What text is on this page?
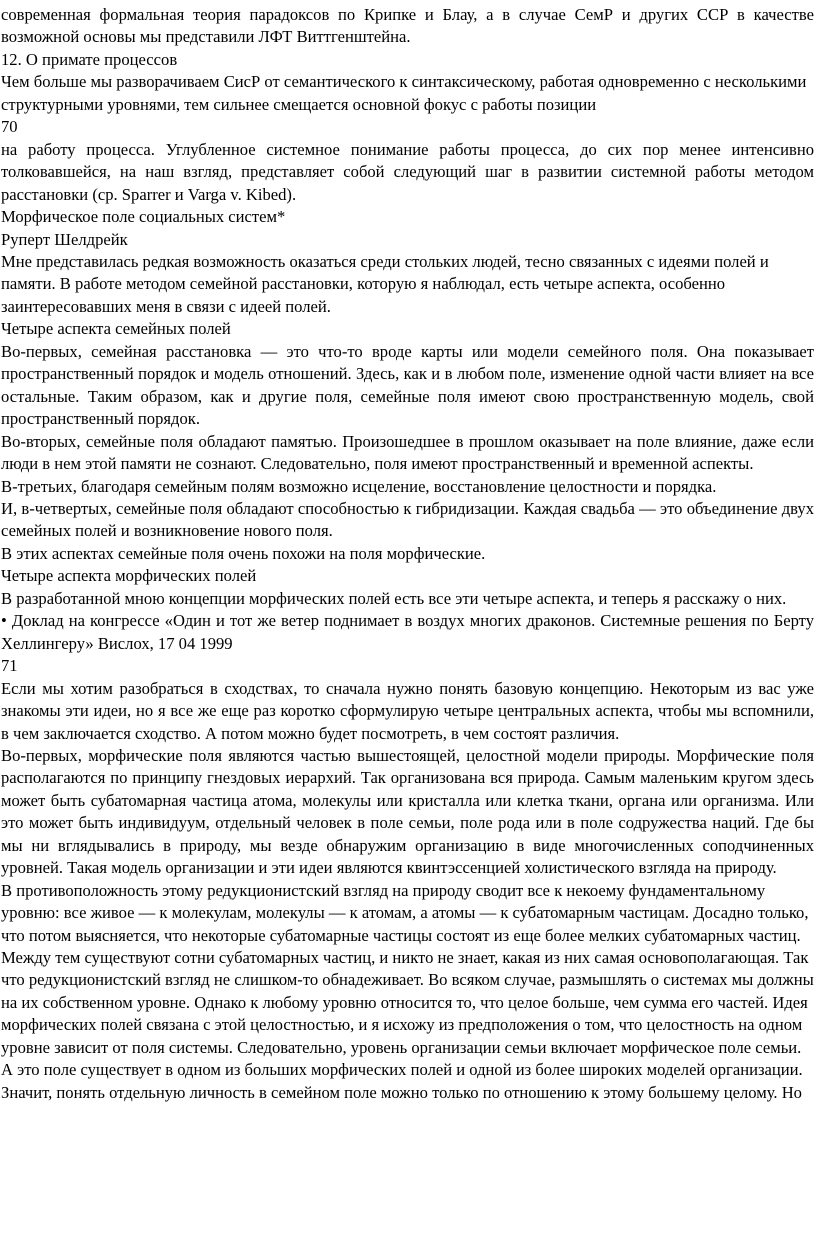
современная формальная теория парадоксов по Крипке и Блау, а в случае СемР и других ССР в качестве возможной основы мы представили ЛФТ Виттгенштейна.

12. О примате процессов

Чем больше мы разворачиваем СисР от семантического к синтаксическому, работая одновременно с несколькими структурными уровнями, тем сильнее смещается основной фокус с работы позиции

70

на работу процесса. Углубленное системное понимание работы процесса, до сих пор менее интенсивно толковавшейся, на наш взгляд, представляет собой следующий шаг в развитии системной работы методом расстановки (ср. Sparrer и Varga v. Kibed).

Морфическое поле социальных систем*

Руперт Шелдрейк

Мне представилась редкая возможность оказаться среди стольких людей, тесно связанных с идеями полей и памяти. В работе методом семейной расстановки, которую я наблюдал, есть четыре аспекта, особенно заинтересовавших меня в связи с идеей полей.

Четыре аспекта семейных полей

Во-первых, семейная расстановка — это что-то вроде карты или модели семейного поля. Она показывает пространственный порядок и модель отношений. Здесь, как и в любом поле, изменение одной части влияет на все остальные. Таким образом, как и другие поля, семейные поля имеют свою пространственную модель, свой пространственный порядок.

Во-вторых, семейные поля обладают памятью. Произошедшее в прошлом оказывает на поле влияние, даже если люди в нем этой памяти не сознают. Следовательно, поля имеют пространственный и временной аспекты.

В-третьих, благодаря семейным полям возможно исцеление, восстановление целостности и порядка.

И, в-четвертых, семейные поля обладают способностью к гибридизации. Каждая свадьба — это объединение двух семейных полей и возникновение нового поля.

В этих аспектах семейные поля очень похожи на поля морфические.

Четыре аспекта морфических полей

В разработанной мною концепции морфических полей есть все эти четыре аспекта, и теперь я расскажу о них.

• Доклад на конгрессе «Один и тот же ветер поднимает в воздух многих драконов. Системные решения по Берту Хеллингеру» Вислох, 17 04 1999

71

Если мы хотим разобраться в сходствах, то сначала нужно понять базовую концепцию. Некоторым из вас уже знакомы эти идеи, но я все же еще раз коротко сформулирую четыре центральных аспекта, чтобы мы вспомнили, в чем заключается сходство. А потом можно будет посмотреть, в чем состоят различия.

Во-первых, морфические поля являются частью вышестоящей, целостной модели природы. Морфические поля располагаются по принципу гнездовых иерархий. Так организована вся природа. Самым маленьким кругом здесь может быть субатомарная частица атома, молекулы или кристалла или клетка ткани, органа или организма. Или это может быть индивидуум, отдельный человек в поле семьи, поле рода или в поле содружества наций. Где бы мы ни вглядывались в природу, мы везде обнаружим организацию в виде многочисленных соподчиненных уровней. Такая модель организации и эти идеи являются квинтэссенцией холистического взгляда на природу.

В противоположность этому редукционистский взгляд на природу сводит все к некоему фундаментальному уровню: все живое — к молекулам, молекулы — к атомам, а атомы — к субатомарным частицам. Досадно только, что потом выясняется, что некоторые субатомарные частицы состоят из еще более мелких субатомарных частиц. Между тем существуют сотни субатомарных частиц, и никто не знает, какая из них самая основополагающая. Так что редукционистский взгляд не слишком-то обнадеживает. Во всяком случае, размышлять о системах мы должны на их собственном уровне. Однако к любому уровню относится то, что целое больше, чем сумма его частей. Идея морфических полей связана с этой целостностью, и я исхожу из предположения о том, что целостность на одном уровне зависит от поля системы. Следовательно, уровень организации семьи включает морфическое поле семьи. А это поле существует в одном из больших морфических полей и одной из более широких моделей организации. Значит, понять отдельную личность в семейном поле можно только по отношению к этому большему целому. Но
